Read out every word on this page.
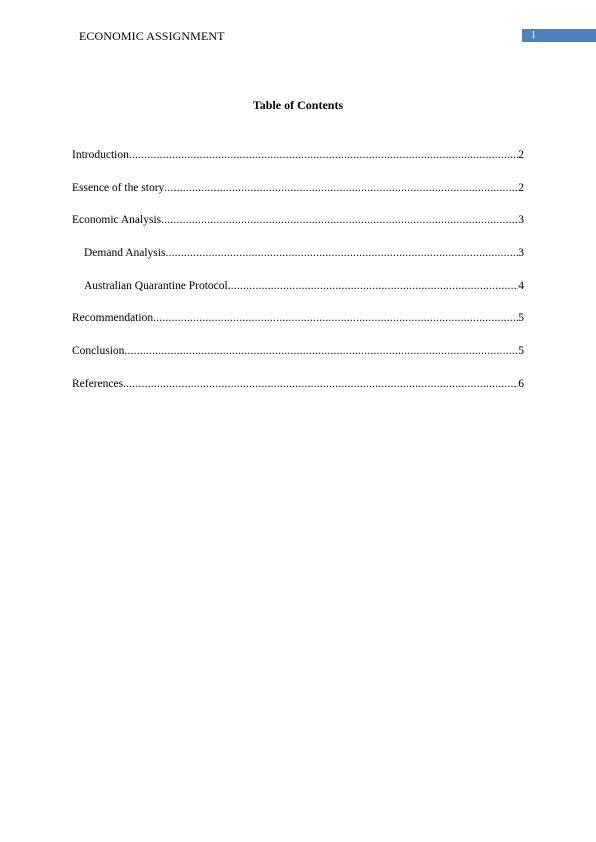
ECONOMIC ASSIGNMENT	1
Table of Contents
Introduction .....	2
Essence of the story .....	2
Economic Analysis .....	3
Demand Analysis .....	3
Australian Quarantine Protocol .....	4
Recommendation .....	5
Conclusion .....	5
References .....	6
